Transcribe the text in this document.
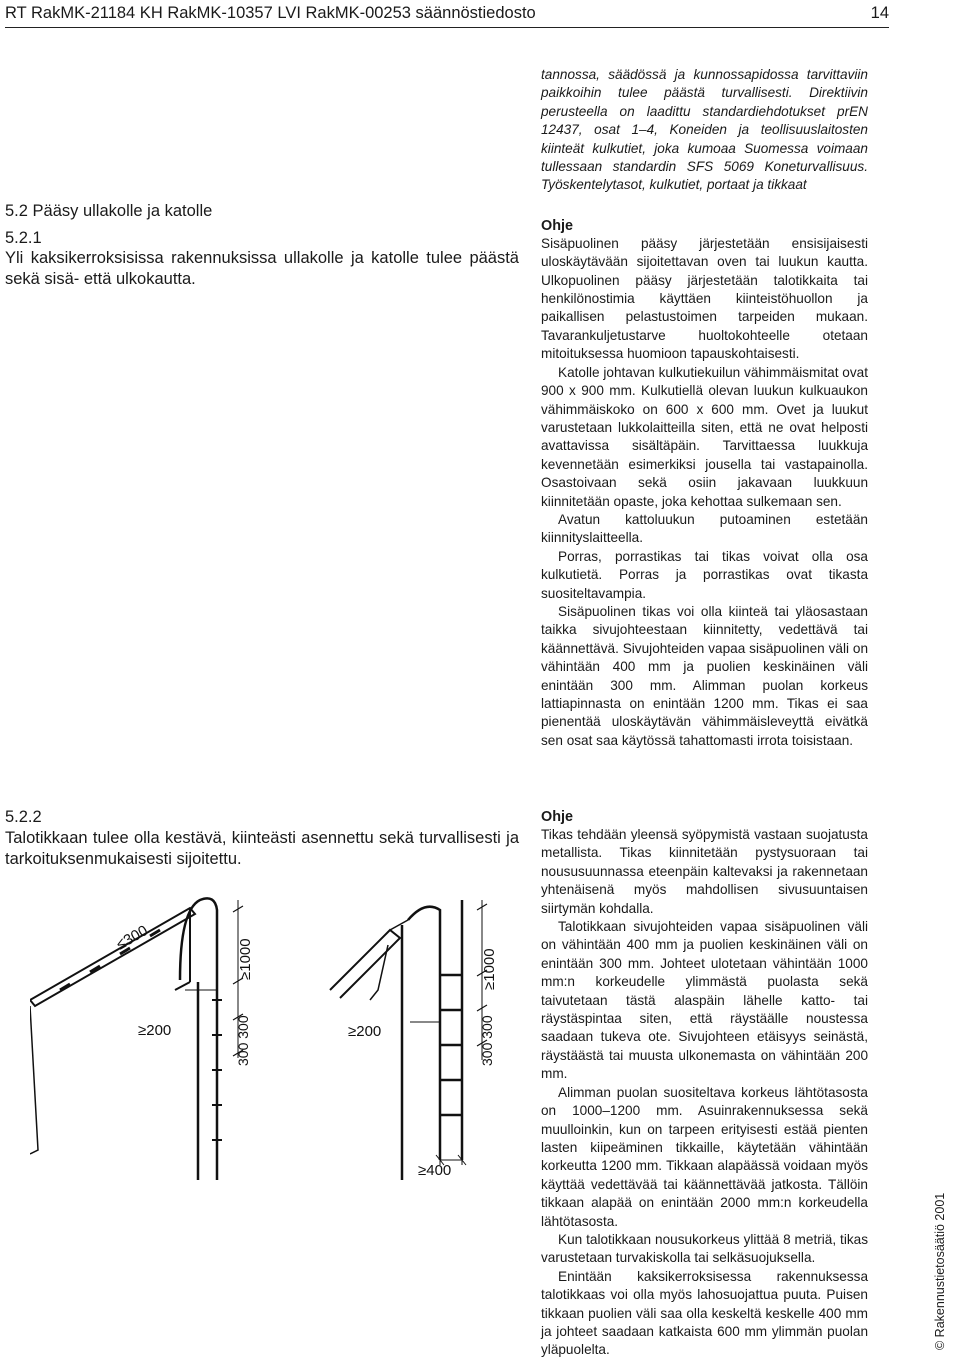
RT RakMK-21184 KH RakMK-10357 LVI RakMK-00253 säännöstiedosto	14
5.2 Pääsy ullakolle ja katolle
5.2.1
Yli kaksikerroksisissa rakennuksissa ullakolle ja katolle tulee päästä sekä sisä- että ulkokautta.
5.2.2
Talotikkaan tulee olla kestävä, kiinteästi asennettu sekä turvallisesti ja tarkoituksenmukaisesti sijoitettu.
≤300
≥1000
300 300
≥200	≥200
≥1000
300 300
≥400

tannossa, säädössä ja kunnossapidossa tarvittaviin paikkoihin tulee päästä turvallisesti. Direktiivin perusteella on laadittu standardiehdotukset prEN 12437, osat 1–4, Koneiden ja teollisuuslaitosten kiinteät kulkutiet, joka kumoaa Suomessa voimaan tullessaan standardin SFS 5069 Koneturvallisuus. Työskentelytasot, kulkutiet, portaat ja tikkaat

Ohje

Sisäpuolinen pääsy järjestetään ensisijaisesti uloskäytävään sijoitettavan oven tai luukun kautta. Ulkopuolinen pääsy järjestetään talotikkaita tai henkilönostimia käyttäen kiinteistöhuollon ja paikallisen pelastustoimen tarpeiden mukaan. Tavarankuljetustarve huoltokohteelle otetaan mitoituksessa huomioon tapauskohtaisesti.

Katolle johtavan kulkutiekuilun vähimmäismitat ovat 900 x 900 mm. Kulkutiellä olevan luukun kulkuaukon vähimmäiskoko on 600 x 600 mm. Ovet ja luukut varustetaan lukkolaitteilla siten, että ne ovat helposti avattavissa sisältäpäin. Tarvittaessa luukkuja kevennetään esimerkiksi jousella tai vastapainolla. Osastoivaan sekä osiin jakavaan luukkuun kiinnitetään opaste, joka kehottaa sulkemaan sen.

Avatun kattoluukun putoaminen estetään kiinnityslaitteella.

Porras, porrastikas tai tikas voivat olla osa kulkutietä. Porras ja porrastikas ovat tikasta suositeltavampia.

Sisäpuolinen tikas voi olla kiinteä tai yläosastaan taikka sivujohteestaan kiinnitetty, vedettävä tai käännettävä. Sivujohteiden vapaa sisäpuolinen väli on vähintään 400 mm ja puolien keskinäinen väli enintään 300 mm. Alimman puolan korkeus lattiapinnasta on enintään 1200 mm. Tikas ei saa pienentää uloskäytävän vähimmäisleveyttä eivätkä sen osat saa käytössä tahattomasti irrota toisistaan.

Ohje

Tikas tehdään yleensä syöpymistä vastaan suojatusta metallista. Tikas kiinnitetään pystysuoraan tai noususuunnassa eteenpäin kaltevaksi ja rakennetaan yhtenäisenä myös mahdollisen sivusuuntaisen siirtymän kohdalla.

Talotikkaan sivujohteiden vapaa sisäpuolinen väli on vähintään 400 mm ja puolien keskinäinen väli on enintään 300 mm. Johteet ulotetaan vähintään 1000 mm:n korkeudelle ylimmästä puolasta sekä taivutetaan tästä alaspäin lähelle katto- tai räystäspintaa siten, että räystäälle noustessa saadaan tukeva ote. Sivujohteen etäisyys seinästä, räystäästä tai muusta ulkonemasta on vähintään 200 mm.

Alimman puolan suositeltava korkeus lähtötasosta on 1000–1200 mm. Asuinrakennuksessa sekä muulloinkin, kun on tarpeen erityisesti estää pienten lasten kiipeäminen tikkaille, käytetään vähintään korkeutta 1200 mm. Tikkaan alapäässä voidaan myös käyttää vedettävää tai käännettävää jatkosta. Tällöin tikkaan alapää on enintään 2000 mm:n korkeudella lähtötasosta.

Kun talotikkaan nousukorkeus ylittää 8 metriä, tikas varustetaan turvakiskolla tai selkäsuojuksella.

Enintään kaksikerroksisessa rakennuksessa talotikkaas voi olla myös lahosuojattua puuta. Puisen tikkaan puolien väli saa olla keskeltä keskelle 400 mm ja johteet saadaan katkaista 600 mm ylimmän puolan yläpuolelta.	© Rakennustietosäätiö 2001
